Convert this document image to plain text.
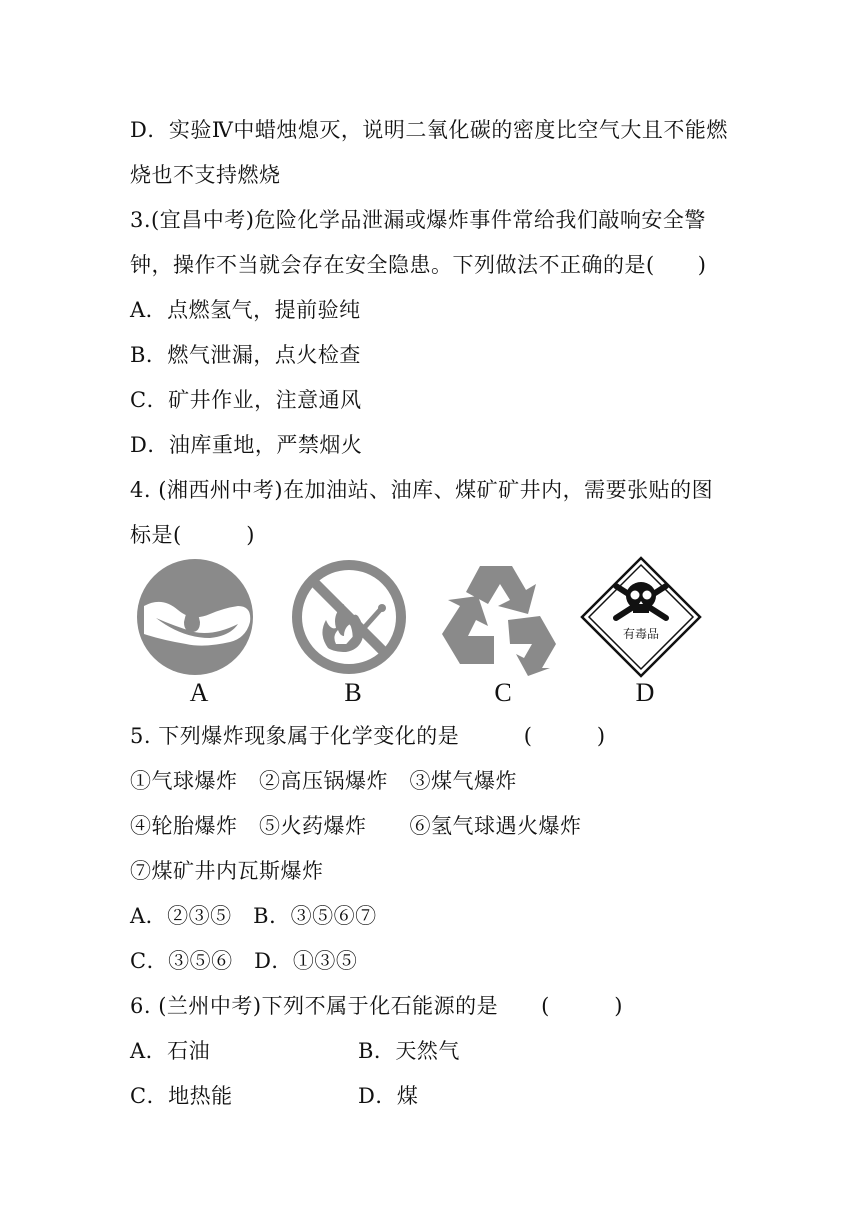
D．实验Ⅳ中蜡烛熄灭，说明二氧化碳的密度比空气大且不能燃
烧也不支持燃烧
3.(宜昌中考)危险化学品泄漏或爆炸事件常给我们敲响安全警
钟，操作不当就会存在安全隐患。下列做法不正确的是(　　)
A．点燃氢气，提前验纯
B．燃气泄漏，点火检查
C．矿井作业，注意通风
D．油库重地，严禁烟火
4. (湘西州中考)在加油站、油库、煤矿矿井内，需要张贴的图
标是(　　　)
A	B	C
有毒品
D
5. 下列爆炸现象属于化学变化的是　　　(　　　)
①气球爆炸　②高压锅爆炸　③煤气爆炸
④轮胎爆炸　⑤火药爆炸　　⑥氢气球遇火爆炸
⑦煤矿井内瓦斯爆炸
A．②③⑤　B．③⑤⑥⑦
C．③⑤⑥　D．①③⑤
6. (兰州中考)下列不属于化石能源的是　　(　　　)
A．石油	B．天然气
C．地热能	D．煤
